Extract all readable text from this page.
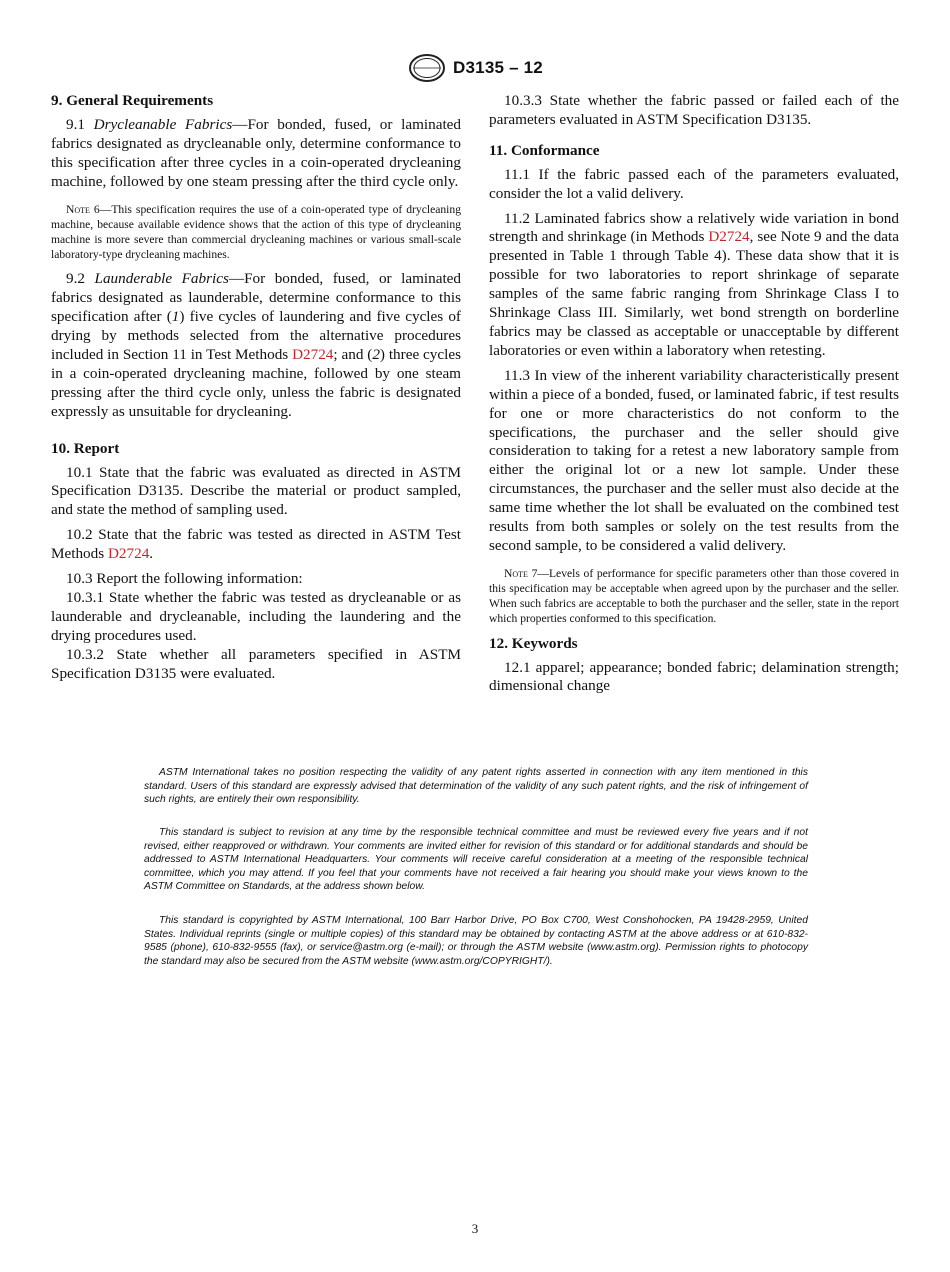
D3135 – 12
9. General Requirements

9.1 Drycleanable Fabrics—For bonded, fused, or laminated fabrics designated as drycleanable only, determine conformance to this specification after three cycles in a coin-operated drycleaning machine, followed by one steam pressing after the third cycle only.

Note 6—This specification requires the use of a coin-operated type of drycleaning machine, because available evidence shows that the action of this type of drycleaning machine is more severe than commercial drycleaning machines or various small-scale laboratory-type drycleaning machines.

9.2 Launderable Fabrics—For bonded, fused, or laminated fabrics designated as launderable, determine conformance to this specification after (1) five cycles of laundering and five cycles of drying by methods selected from the alternative procedures included in Section 11 in Test Methods D2724; and (2) three cycles in a coin-operated drycleaning machine, followed by one steam pressing after the third cycle only, unless the fabric is designated expressly as unsuitable for drycleaning.

10. Report

10.1 State that the fabric was evaluated as directed in ASTM Specification D3135. Describe the material or product sampled, and state the method of sampling used.

10.2 State that the fabric was tested as directed in ASTM Test Methods D2724.

10.3 Report the following information:

10.3.1 State whether the fabric was tested as drycleanable or as launderable and drycleanable, including the laundering and the drying procedures used.

10.3.2 State whether all parameters specified in ASTM Specification D3135 were evaluated.

10.3.3 State whether the fabric passed or failed each of the parameters evaluated in ASTM Specification D3135.

11. Conformance

11.1 If the fabric passed each of the parameters evaluated, consider the lot a valid delivery.

11.2 Laminated fabrics show a relatively wide variation in bond strength and shrinkage (in Methods D2724, see Note 9 and the data presented in Table 1 through Table 4). These data show that it is possible for two laboratories to report shrinkage of separate samples of the same fabric ranging from Shrinkage Class I to Shrinkage Class III. Similarly, wet bond strength on borderline fabrics may be classed as acceptable or unacceptable by different laboratories or even within a laboratory when retesting.

11.3 In view of the inherent variability characteristically present within a piece of a bonded, fused, or laminated fabric, if test results for one or more characteristics do not conform to the specifications, the purchaser and the seller should give consideration to taking for a retest a new laboratory sample from either the original lot or a new lot sample. Under these circumstances, the purchaser and the seller must also decide at the same time whether the lot shall be evaluated on the combined test results from both samples or solely on the test results from the second sample, to be considered a valid delivery.

Note 7—Levels of performance for specific parameters other than those covered in this specification may be acceptable when agreed upon by the purchaser and the seller. When such fabrics are acceptable to both the purchaser and the seller, state in the report which properties conformed to this specification.
12. Keywords

12.1 apparel; appearance; bonded fabric; delamination strength; dimensional change

ASTM International takes no position respecting the validity of any patent rights asserted in connection with any item mentioned in this standard. Users of this standard are expressly advised that determination of the validity of any such patent rights, and the risk of infringement of such rights, are entirely their own responsibility.

This standard is subject to revision at any time by the responsible technical committee and must be reviewed every five years and if not revised, either reapproved or withdrawn. Your comments are invited either for revision of this standard or for additional standards and should be addressed to ASTM International Headquarters. Your comments will receive careful consideration at a meeting of the responsible technical committee, which you may attend. If you feel that your comments have not received a fair hearing you should make your views known to the ASTM Committee on Standards, at the address shown below.

This standard is copyrighted by ASTM International, 100 Barr Harbor Drive, PO Box C700, West Conshohocken, PA 19428-2959, United States. Individual reprints (single or multiple copies) of this standard may be obtained by contacting ASTM at the above address or at 610-832-9585 (phone), 610-832-9555 (fax), or service@astm.org (e-mail); or through the ASTM website (www.astm.org). Permission rights to photocopy the standard may also be secured from the ASTM website (www.astm.org/COPYRIGHT/).

3
